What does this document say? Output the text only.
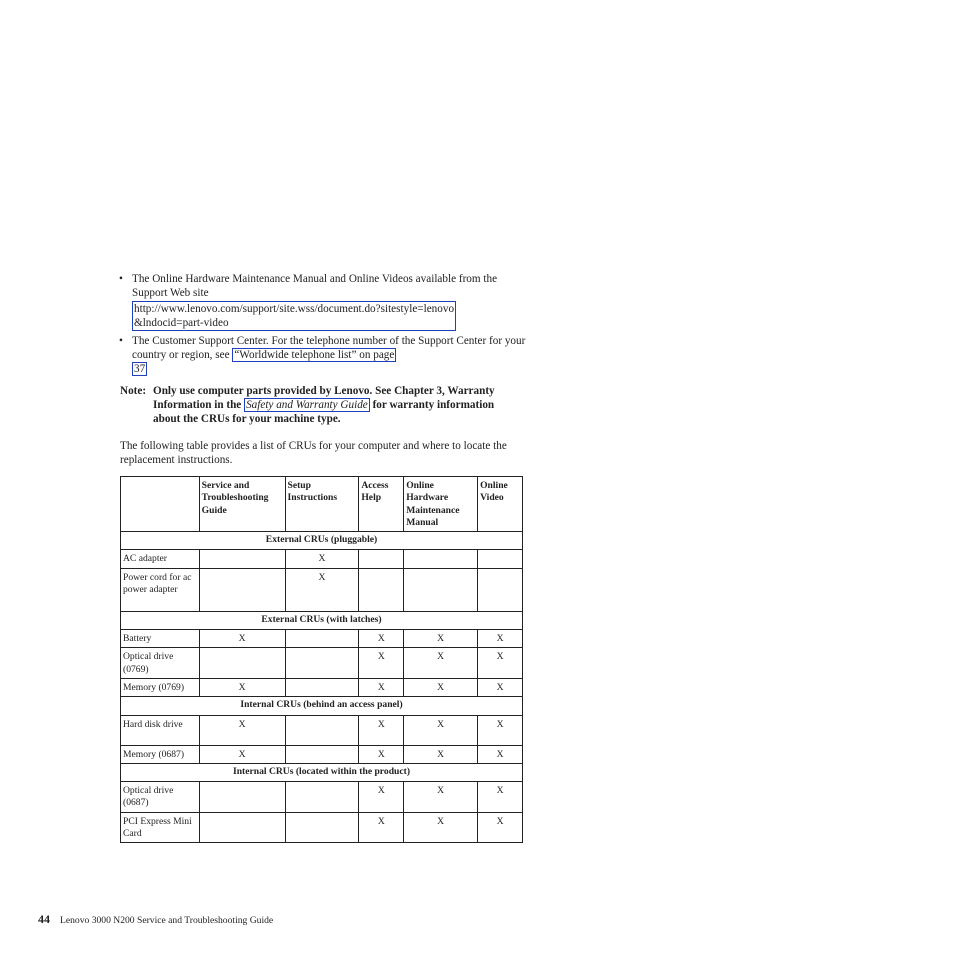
• The Online Hardware Maintenance Manual and Online Videos available from the Support Web site
http://www.lenovo.com/support/site.wss/document.do?sitestyle=lenovo
&lndocid=part-video
• The Customer Support Center. For the telephone number of the Support Center for your country or region, see “Worldwide telephone list” on page
37
Note: Only use computer parts provided by Lenovo. See Chapter 3, Warranty Information in the Safety and Warranty Guide for warranty information about the CRUs for your machine type.
The following table provides a list of CRUs for your computer and where to locate the replacement instructions.
	Service and Troubleshooting Guide	Setup Instructions	Access Help	Online Hardware Maintenance Manual	Online Video
External CRUs (pluggable)					
AC adapter		X			
Power cord for ac power adapter		X			
External CRUs (with latches)					
Battery	X		X	X	X
Optical drive (0769)			X	X	X
Memory (0769)	X		X	X	X
Internal CRUs (behind an access panel)					
Hard disk drive	X		X	X	X
Memory (0687)	X		X	X	X
Internal CRUs (located within the product)					
Optical drive (0687)			X	X	X
PCI Express Mini Card			X	X	X
44 Lenovo 3000 N200 Service and Troubleshooting Guide
